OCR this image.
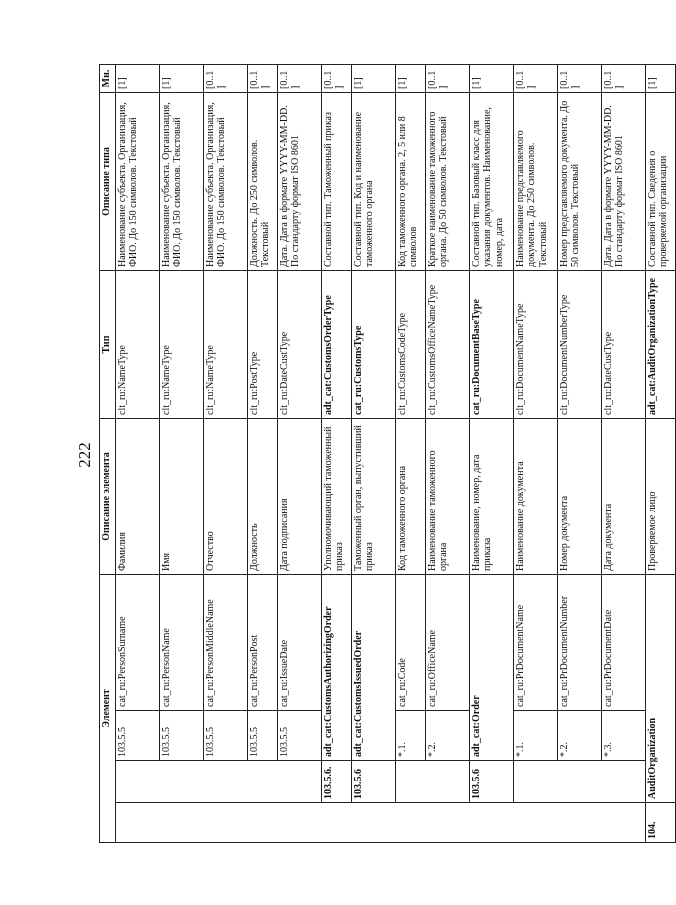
222
Элемент				Описание элемента	Тип	Описание типа	Мн.
		103.5.5	cat_ru:PersonSurname	Фамилия	clt_ru:NameType	Наименование субъекта. Организация, ФИО. До 150 символов. Текстовый	[1]
		103.5.5	cat_ru:PersonName	Имя	clt_ru:NameType	Наименование субъекта. Организация, ФИО. До 150 символов. Текстовый	[1]
		103.5.5	cat_ru:PersonMiddleName	Отчество	clt_ru:NameType	Наименование субъекта. Организация, ФИО. До 150 символов. Текстовый	[0..1]
		103.5.5	cat_ru:PersonPost	Должность	clt_ru:PostType	Должность. До 250 символов. Текстовый	[0..1]
		103.5.5	cat_ru:IssueDate	Дата подписания	clt_ru:DateCustType	Дата. Дата в формате YYYY-MM-DD. По стандарту формат ISO 8601	[0..1]
	103.5.6.	adt_cat:CustomsAuthorizingOrder		Уполномочивающий таможенный приказ	adt_cat:CustomsOrderType	Составной тип. Таможенный приказ	[0..1]
	103.5.6	adt_cat:CustomsIssuedOrder		Таможенный орган, выпустивший приказ	cat_ru:CustomsType	Составной тип. Код и наименование таможенного органа	[1]
		*.1.	cat_ru:Code	Код таможенного органа	clt_ru:CustomsCodeType	Код таможенного органа. 2, 5 или 8 символов	[1]
		*.2.	cat_ru:OfficeName	Наименование таможенного органа	clt_ru:CustomsOfficeNameType	Краткое наименование таможенного органа. До 50 символов. Текстовый	[0..1]
	103.5.6	adt_cat:Order		Наименование, номер, дата приказа	cat_ru:DocumentBaseType	Составной тип. Базовый класс для указания документов. Наименование, номер, дата	[1]
		*.1.	cat_ru:PrDocumentName	Наименование документа	clt_ru:DocumentNameType	Наименование представляемого документа. До 250 символов. Текстовый	[0..1]
		*.2.	cat_ru:PrDocumentNumber	Номер документа	clt_ru:DocumentNumberType	Номер представляемого документа. До 50 символов. Текстовый	[0..1]
		*.3.	cat_ru:PrDocumentDate	Дата документа	clt_ru:DateCustType	Дата. Дата в формате YYYY-MM-DD. По стандарту формат ISO 8601	[0..1]
104.	AuditOrganization			Проверяемое лицо	adt_cat:AuditOrganizationType	Составной тип. Сведения о проверяемой организации	[1]
